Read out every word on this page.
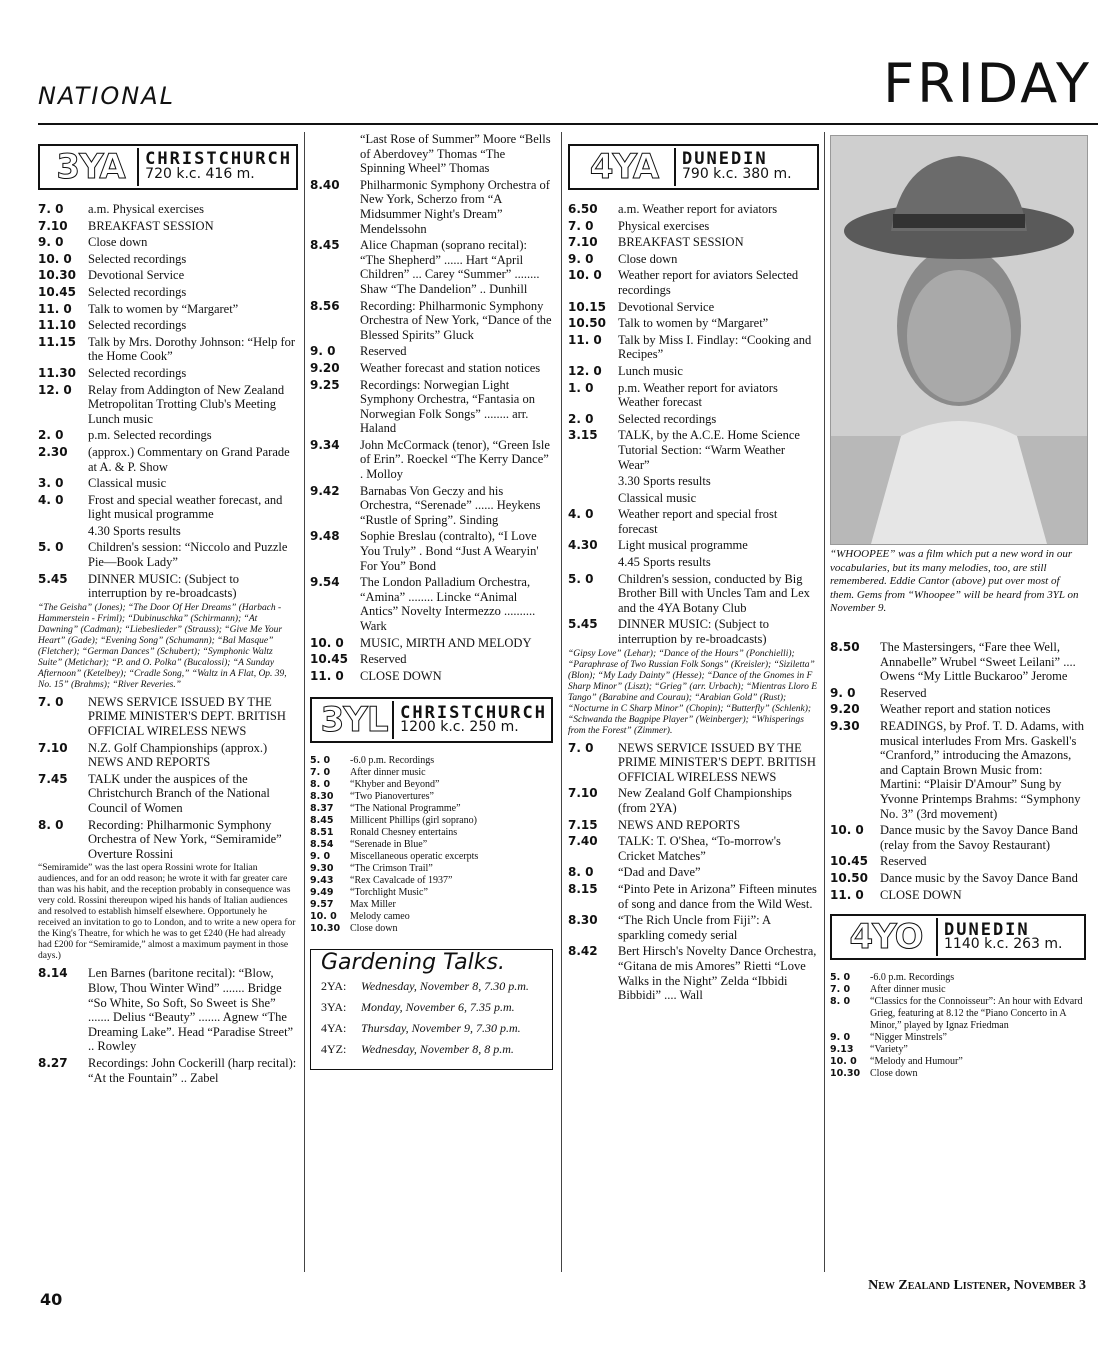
NATIONAL	FRIDAY
3YA	CHRISTCHURCH
720 k.c. 416 m.
7. 0	a.m. Physical exercises
7.10	BREAKFAST SESSION
9. 0	Close down
10. 0	Selected recordings
10.30 Devotional Service
10.45 Selected recordings
11. 0	Talk to women by “Margaret”
11.10 Selected recordings
11.15 Talk by Mrs. Dorothy Johnson: “Help for the Home Cook”
11.30 Selected recordings
12. 0	Relay from Addington of New Zealand Metropolitan Trotting Club's Meeting Lunch music
2. 0	p.m. Selected recordings
2.30	(approx.) Commentary on Grand Parade at A. & P. Show
3. 0	Classical music
4. 0	Frost and special weather forecast, and light musical programme
4.30 Sports results
5. 0	Children's session: “Niccolo and Puzzle Pie—Book Lady”
5.45	DINNER MUSIC: (Subject to interruption by re-broadcasts)
“The Geisha” (Jones); “The Door Of Her Dreams” (Harbach - Hammerstein - Friml); “Dubinuschka” (Schirmann); “At Dawning” (Cadman); “Liebeslieder” (Strauss); “Give Me Your Heart” (Gade); “Evening Song” (Schumann); “Bal Masque” (Fletcher); “German Dances” (Schubert); “Symphonic Waltz Suite” (Metichar); “P. and O. Polka” (Bucalossi); “A Sunday Afternoon” (Ketelbey); “Cradle Song,” “Waltz in A Flat, Op. 39, No. 15” (Brahms); “River Reveries.”
7. 0	NEWS SERVICE ISSUED BY THE PRIME MINISTER'S DEPT. BRITISH OFFICIAL WIRELESS NEWS
7.10	N.Z. Golf Championships (approx.) NEWS AND REPORTS
7.45	TALK under the auspices of the Christchurch Branch of the National Council of Women
8. 0	Recording: Philharmonic Symphony Orchestra of New York, “Semiramide” Overture Rossini
“Semiramide” was the last opera Rossini wrote for Italian audiences, and for an odd reason; he wrote it with far greater care than was his habit, and the reception probably in consequence was very cold. Rossini thereupon wiped his hands of Italian audiences and resolved to establish himself elsewhere. Opportunely he received an invitation to go to London, and to write a new opera for the King's Theatre, for which he was to get £240 (He had already had £200 for “Semiramide,” almost a maximum payment in those days.)
8.14	Len Barnes (baritone recital): “Blow, Blow, Thou Winter Wind” ....... Bridge “So White, So Soft, So Sweet is She” ....... Delius “Beauty” ....... Agnew “The Dreaming Lake”. Head “Paradise Street” .. Rowley
8.27	Recordings: John Cockerill (harp recital): “At the Fountain” .. Zabel
“Last Rose of Summer” Moore “Bells of Aberdovey” Thomas “The Spinning Wheel” Thomas
8.40	Philharmonic Symphony Orchestra of New York, Scherzo from “A Midsummer Night's Dream” Mendelssohn
8.45	Alice Chapman (soprano recital): “The Shepherd” ...... Hart “April Children” ... Carey “Summer” ........ Shaw “The Dandelion” .. Dunhill
8.56	Recording: Philharmonic Symphony Orchestra of New York, “Dance of the Blessed Spirits” Gluck
9. 0	Reserved
9.20	Weather forecast and station notices
9.25	Recordings: Norwegian Light Symphony Orchestra, “Fantasia on Norwegian Folk Songs” ........ arr. Haland
9.34	John McCormack (tenor), “Green Isle of Erin”. Roeckel “The Kerry Dance” . Molloy
9.42	Barnabas Von Geczy and his Orchestra, “Serenade” ...... Heykens “Rustle of Spring”. Sinding
9.48	Sophie Breslau (contralto), “I Love You Truly” . Bond “Just A Wearyin' For You” Bond
9.54	The London Palladium Orchestra, “Amina” ........ Lincke “Animal Antics” Novelty Intermezzo .......... Wark
10. 0	MUSIC, MIRTH AND MELODY
10.45 Reserved
11. 0	CLOSE DOWN
3YL CHRISTCHURCH
1200 k.c. 250 m.
5. 0	-6.0 p.m. Recordings
7. 0	After dinner music
8. 0	“Khyber and Beyond”
8.30	“Two Pianovertures”
8.37	“The National Programme”
8.45	Millicent Phillips (girl soprano)
8.51	Ronald Chesney entertains
8.54	“Serenade in Blue”
9. 0	Miscellaneous operatic excerpts
9.30	“The Crimson Trail”
9.43	“Rex Cavalcade of 1937”
9.49	“Torchlight Music”
9.57	Max Miller
10. 0	Melody cameo
10.30 Close down
Gardening Talks.
2YA:	Wednesday, November 8, 7.30 p.m.
3YA:	Monday, November 6, 7.35 p.m.
4YA:	Thursday, November 9, 7.30 p.m.
4YZ:	Wednesday, November 8, 8 p.m.
4YA	DUNEDIN
790 k.c. 380 m.
6.50	a.m. Weather report for aviators
7. 0	Physical exercises
7.10	BREAKFAST SESSION
9. 0	Close down
10. 0	Weather report for aviators Selected recordings
10.15 Devotional Service
10.50 Talk to women by “Margaret”
11. 0	Talk by Miss I. Findlay: “Cooking and Recipes”
12. 0	Lunch music
1. 0	p.m. Weather report for aviators Weather forecast
2. 0	Selected recordings
3.15	TALK, by the A.C.E. Home Science Tutorial Section: “Warm Weather Wear”
3.30 Sports results
Classical music
4. 0	Weather report and special frost forecast
4.30	Light musical programme
4.45 Sports results
5. 0	Children's session, conducted by Big Brother Bill with Uncles Tam and Lex and the 4YA Botany Club
5.45	DINNER MUSIC: (Subject to interruption by re-broadcasts)
“Gipsy Love” (Lehar); “Dance of the Hours” (Ponchielli); “Paraphrase of Two Russian Folk Songs” (Kreisler); “Siziletta” (Blon); “My Lady Dainty” (Hesse); “Dance of the Gnomes in F Sharp Minor” (Liszt); “Grieg” (arr. Urbach); “Mientras Lloro E Tango” (Barabine and Courau); “Arabian Gold” (Rust); “Nocturne in C Sharp Minor” (Chopin); “Butterfly” (Schlenk); “Schwanda the Bagpipe Player” (Weinberger); “Whisperings from the Forest” (Zimmer).
7. 0	NEWS SERVICE ISSUED BY THE PRIME MINISTER'S DEPT. BRITISH OFFICIAL WIRELESS NEWS
7.10	New Zealand Golf Championships (from 2YA)
7.15	NEWS AND REPORTS
7.40	TALK: T. O'Shea, “To-morrow's Cricket Matches”
8. 0	“Dad and Dave”
8.15	“Pinto Pete in Arizona” Fifteen minutes of song and dance from the Wild West.
8.30	“The Rich Uncle from Fiji”: A sparkling comedy serial
8.42	Bert Hirsch's Novelty Dance Orchestra, “Gitana de mis Amores” Rietti “Love Walks in the Night” Zelda “Ibbidi Bibbidi” .... Wall
“WHOOPEE” was a film which put a new word in our vocabularies, but its many melodies, too, are still remembered. Eddie Cantor (above) put over most of them. Gems from “Whoopee” will be heard from 3YL on November 9.
8.50	The Mastersingers, “Fare thee Well, Annabelle” Wrubel “Sweet Leilani” .... Owens “My Little Buckaroo” Jerome
9. 0	Reserved
9.20	Weather report and station notices
9.30	READINGS, by Prof. T. D. Adams, with musical interludes From Mrs. Gaskell's “Cranford,” introducing the Amazons, and Captain Brown Music from: Martini: “Plaisir D'Amour” Sung by Yvonne Printemps Brahms: “Symphony No. 3” (3rd movement)
10. 0	Dance music by the Savoy Dance Band (relay from the Savoy Restaurant)
10.45 Reserved
10.50 Dance music by the Savoy Dance Band
11. 0	CLOSE DOWN
4YO	DUNEDIN
1140 k.c. 263 m.
5. 0	-6.0 p.m. Recordings
7. 0	After dinner music
8. 0	“Classics for the Connoisseur”: An hour with Edvard Grieg, featuring at 8.12 the “Piano Concerto in A Minor,” played by Ignaz Friedman
9. 0	“Nigger Minstrels”
9.13	“Variety”
10. 0	“Melody and Humour”
10.30 Close down
40
New Zealand Listener, November 3
